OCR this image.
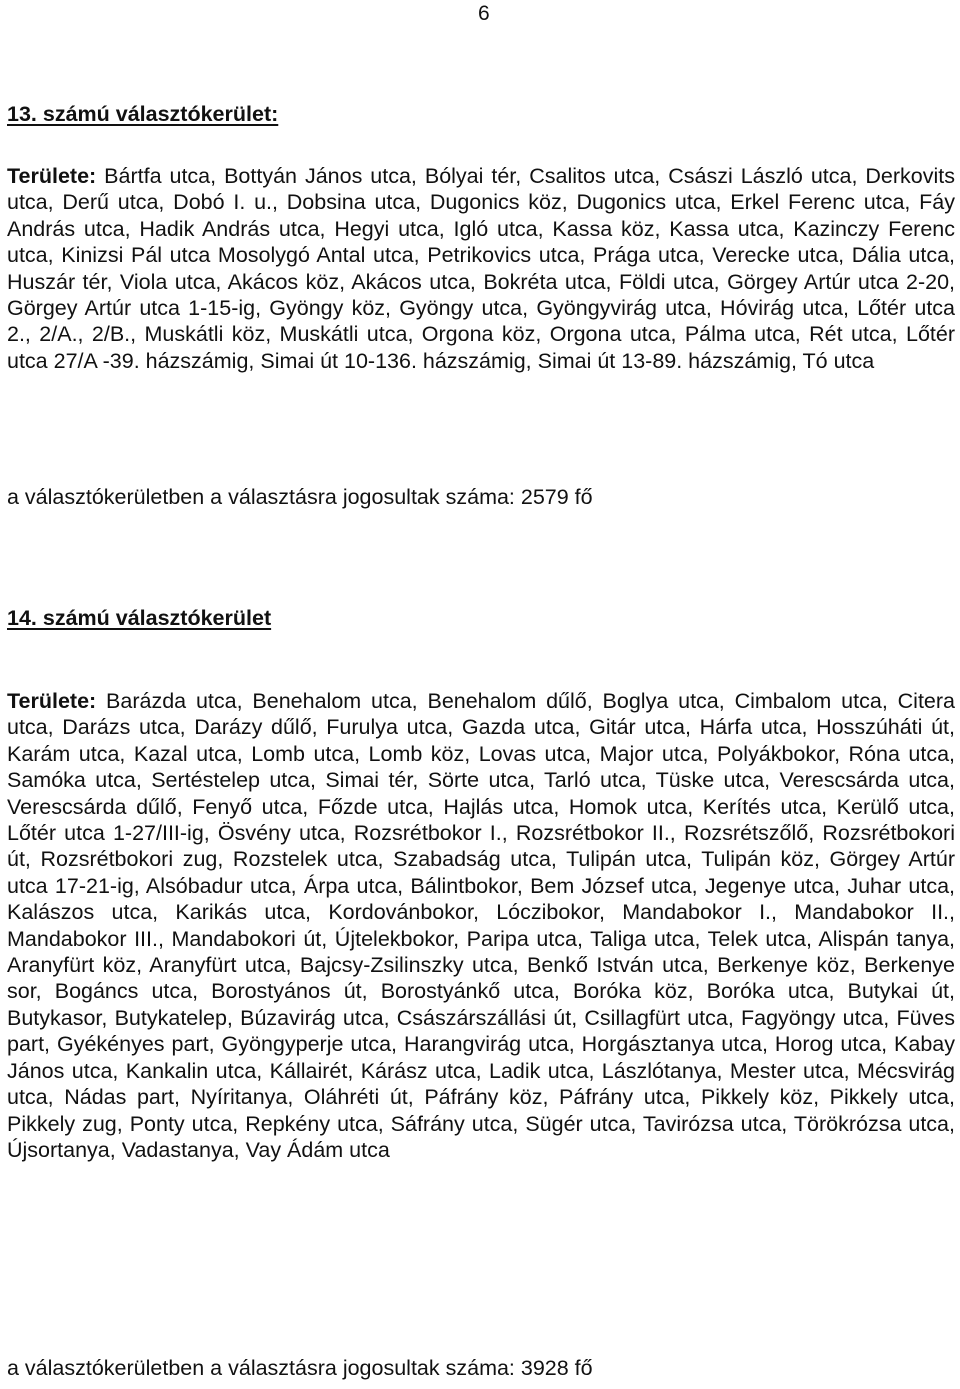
6
13. számú választókerület:

Területe: Bártfa utca, Bottyán János utca, Bólyai tér, Csalitos utca, Császi László utca, Derkovits utca, Derű utca, Dobó I. u., Dobsina utca, Dugonics köz, Dugonics utca, Erkel Ferenc utca, Fáy András utca, Hadik András utca, Hegyi utca, Igló utca, Kassa köz, Kassa utca, Kazinczy Ferenc utca, Kinizsi Pál utca Mosolygó Antal utca, Petrikovics utca, Prága utca, Verecke utca, Dália utca, Huszár tér, Viola utca, Akácos köz, Akácos utca, Bokréta utca, Földi utca, Görgey Artúr utca 2-20, Görgey Artúr utca 1-15-ig, Gyöngy köz, Gyöngy utca, Gyöngyvirág utca, Hóvirág utca, Lőtér utca 2., 2/A., 2/B., Muskátli köz, Muskátli utca, Orgona köz, Orgona utca, Pálma utca, Rét utca, Lőtér utca 27/A -39. házszámig, Simai út 10-136. házszámig, Simai út 13-89. házszámig, Tó utca

a választókerületben a választásra jogosultak száma: 2579 fő
14. számú választókerület

Területe: Barázda utca, Benehalom utca, Benehalom dűlő, Boglya utca, Cimbalom utca, Citera utca, Darázs utca, Darázy dűlő, Furulya utca, Gazda utca, Gitár utca, Hárfa utca, Hosszúháti út, Karám utca, Kazal utca, Lomb utca, Lomb köz, Lovas utca, Major utca, Polyákbokor, Róna utca, Samóka utca, Sertéstelep utca, Simai tér, Sörte utca, Tarló utca, Tüske utca, Verescsárda utca, Verescsárda dűlő, Fenyő utca, Főzde utca, Hajlás utca, Homok utca, Kerítés utca, Kerülő utca, Lőtér utca 1-27/III-ig, Ösvény utca, Rozsrétbokor I., Rozsrétbokor II., Rozsrétszőlő, Rozsrétbokori út, Rozsrétbokori zug, Rozstelek utca, Szabadság utca, Tulipán utca, Tulipán köz, Görgey Artúr utca 17-21-ig, Alsóbadur utca, Árpa utca, Bálintbokor, Bem József utca, Jegenye utca, Juhar utca, Kalászos utca, Karikás utca, Kordovánbokor, Lóczibokor, Mandabokor I., Mandabokor II., Mandabokor III., Mandabokori út, Újtelekbokor, Paripa utca, Taliga utca, Telek utca, Alispán tanya, Aranyfürt köz, Aranyfürt utca, Bajcsy-Zsilinszky utca, Benkő István utca, Berkenye köz, Berkenye sor, Bogáncs utca, Borostyános út, Borostyánkő utca, Boróka köz, Boróka utca, Butykai út, Butykasor, Butykatelep, Búzavirág utca, Császárszállási út, Csillagfürt utca, Fagyöngy utca, Füves part, Gyékényes part, Gyöngyperje utca, Harangvirág utca, Horgásztanya utca, Horog utca, Kabay János utca, Kankalin utca, Kállairét, Kárász utca, Ladik utca, Lászlótanya, Mester utca, Mécsvirág utca, Nádas part, Nyíritanya, Oláhréti út, Páfrány köz, Páfrány utca, Pikkely köz, Pikkely utca, Pikkely zug, Ponty utca, Repkény utca, Sáfrány utca, Sügér utca, Tavirózsa utca, Törökrózsa utca, Újsortanya, Vadastanya, Vay Ádám utca

a választókerületben a választásra jogosultak száma: 3928 fő
